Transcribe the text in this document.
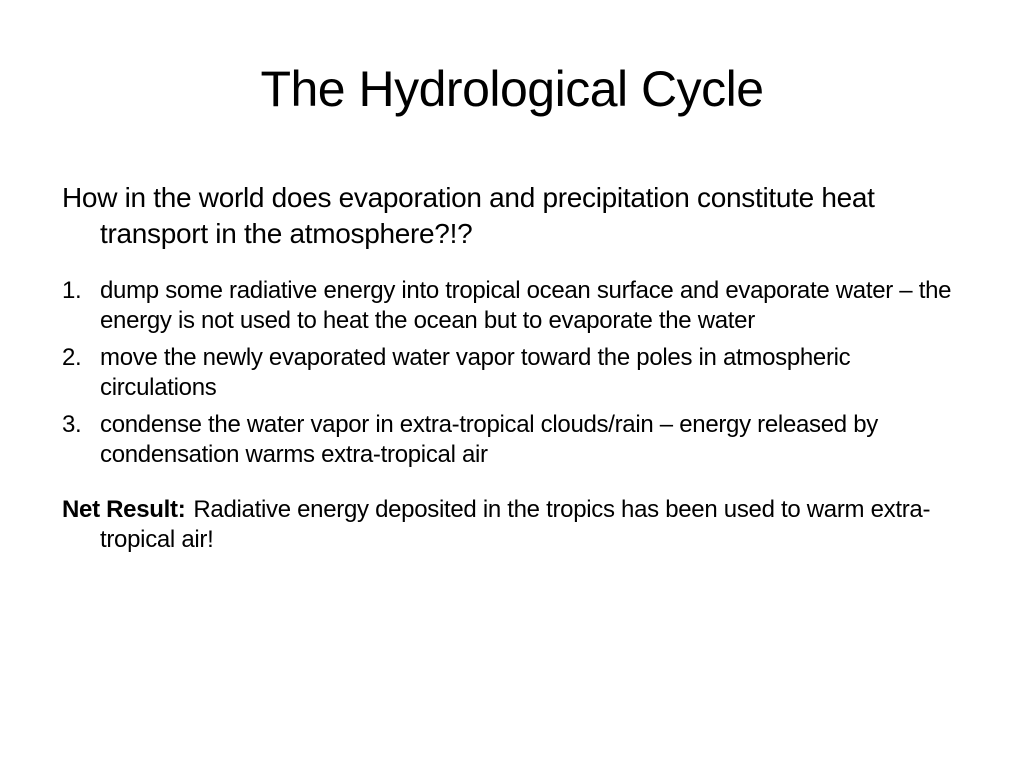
The Hydrological Cycle
How in the world does evaporation and precipitation constitute heat transport in the atmosphere?!?
1. dump some radiative energy into tropical ocean surface and evaporate water – the energy is not used to heat the ocean but to evaporate the water
2. move the newly evaporated water vapor toward the poles in atmospheric circulations
3. condense the water vapor in extra-tropical clouds/rain – energy released by condensation warms extra-tropical air
Net Result: Radiative energy deposited in the tropics has been used to warm extra-tropical air!
